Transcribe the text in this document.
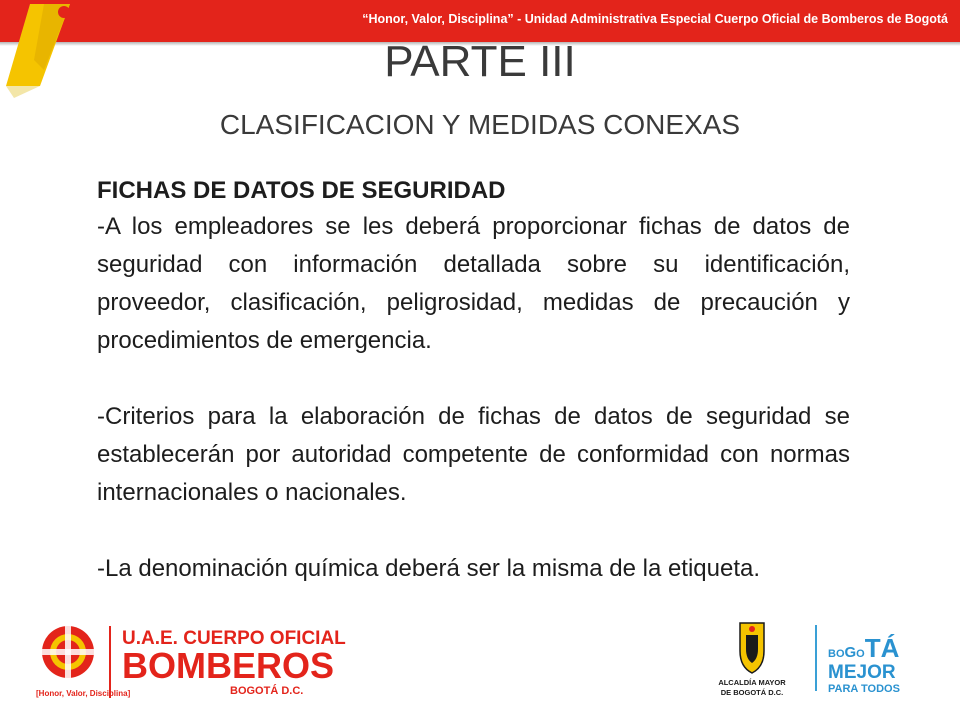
“Honor, Valor, Disciplina” - Unidad Administrativa Especial Cuerpo Oficial de Bomberos de Bogotá
PARTE III
CLASIFICACION Y MEDIDAS CONEXAS

FICHAS DE DATOS DE SEGURIDAD

-A los empleadores se les deberá proporcionar fichas de datos de seguridad con información detallada sobre su identificación, proveedor, clasificación, peligrosidad, medidas de precaución y procedimientos de emergencia.

-Criterios para la elaboración de fichas de datos de seguridad se establecerán por autoridad competente de conformidad con normas internacionales o nacionales.

-La denominación química deberá ser la misma de la etiqueta.

[Honor, Valor, Disciplina]
U.A.E. CUERPO OFICIAL
BOMBEROS
BOGOTÁ D.C.
ALCALDÍA MAYOR
DE BOGOTÁ D.C.
BOGOTÁ
MEJOR
PARA TODOS
